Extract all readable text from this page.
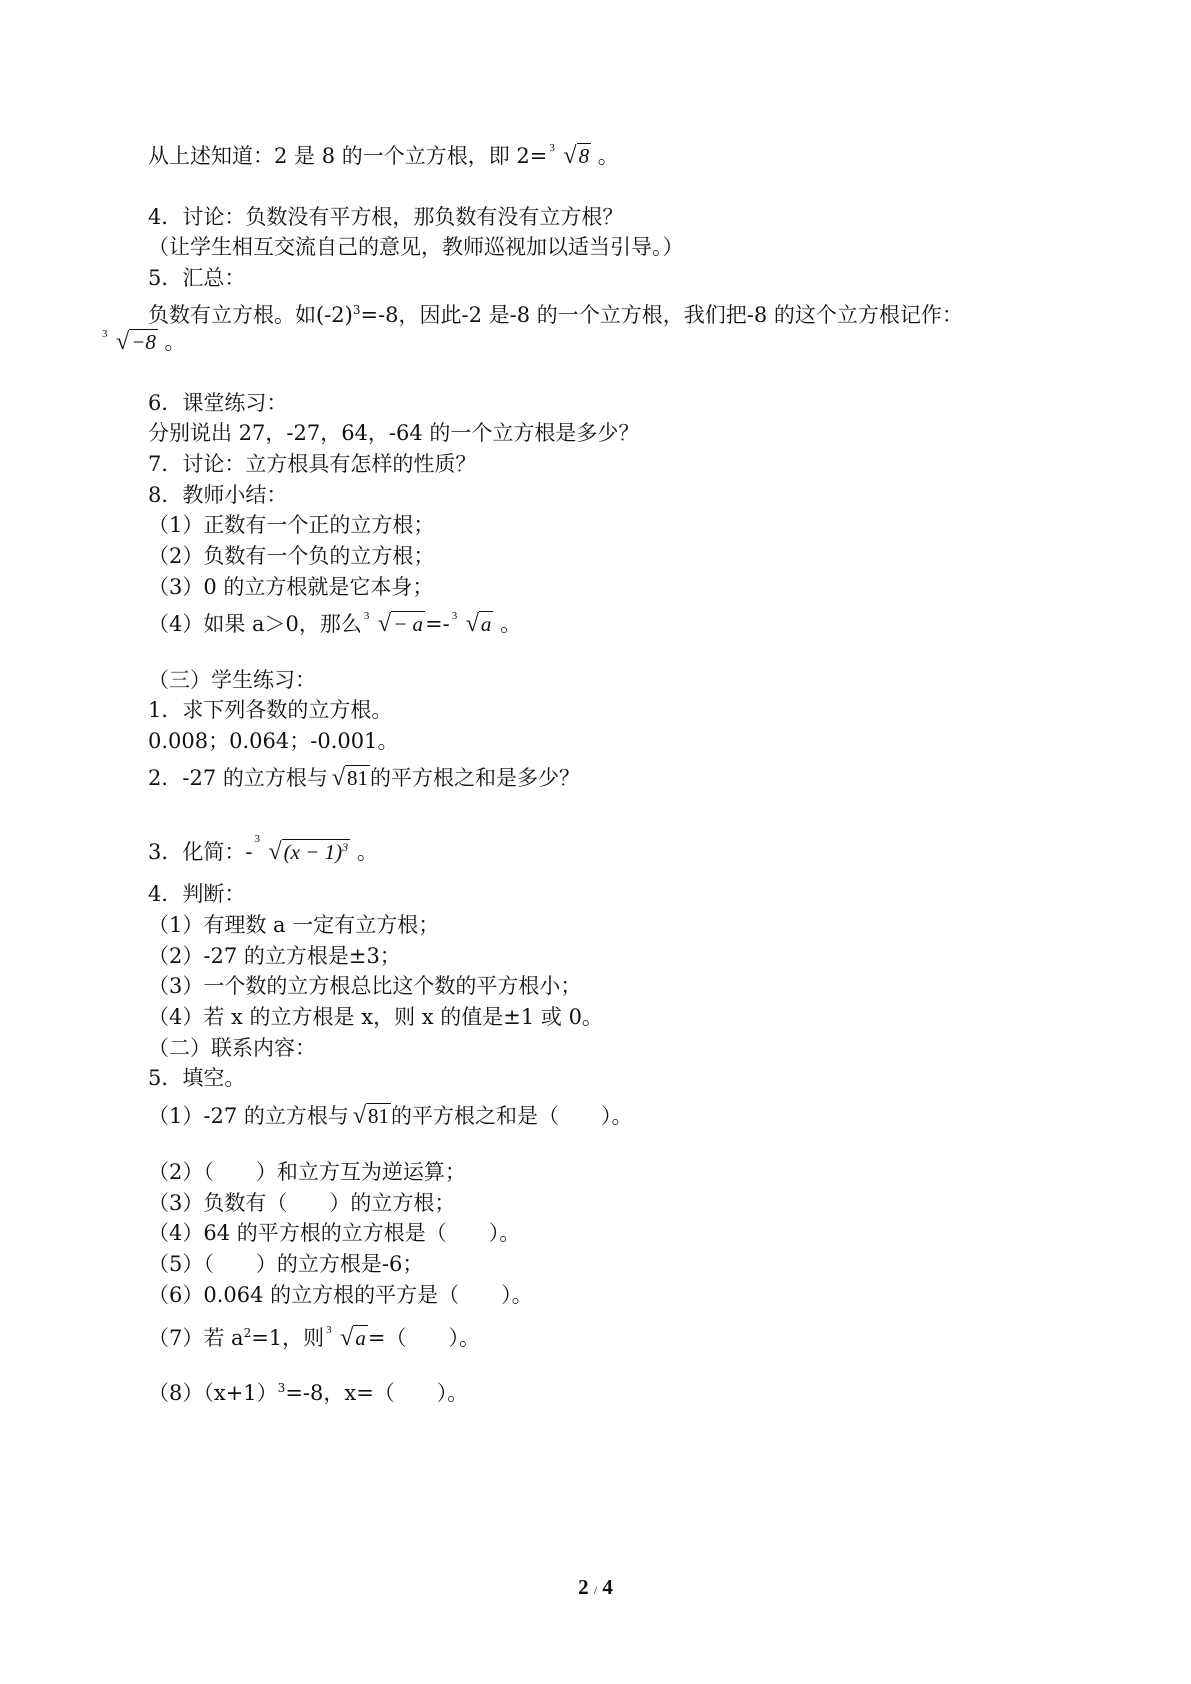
从上述知道：2 是 8 的一个立方根，即 2= 3 √8 。
4．讨论：负数没有平方根，那负数有没有立方根？
（让学生相互交流自己的意见，教师巡视加以适当引导。）
5．汇总：
负数有立方根。如$(-2)^3=-8$，因此-2 是-8 的一个立方根，我们把-8 的这个立方根记作：
3 √−8 。
6．课堂练习：
分别说出 27，-27，64，-64 的一个立方根是多少？
7．讨论：立方根具有怎样的性质？
8．教师小结：
（1）正数有一个正的立方根；
（2）负数有一个负的立方根；
（3）0 的立方根就是它本身；
（4）如果 a＞0，那么 3 √− a=- 3 √a 。
（三）学生练习：
1．求下列各数的立方根。
0.008；0.064；-0.001。
2．-27 的立方根与 √81的平方根之和是多少？
3．化简：-
3 $√(x - 1)^3$ 。
4．判断：
（1）有理数 a 一定有立方根；
（2）-27 的立方根是±3；
（3）一个数的立方根总比这个数的平方根小；
（4）若 x 的立方根是 x，则 x 的值是±1 或 0。
（二）联系内容：
5．填空。
（1）-27 的立方根与 √81的平方根之和是（　　）。
（2）（　　）和立方互为逆运算；
（3）负数有（　　）的立方根；
（4）64 的平方根的立方根是（　　）。
（5）（　　）的立方根是-6；
（6）0.064 的立方根的平方是（　　）。
（7）若 $a^2=1$，则 3 √a=（　　）。
$(8)(x+1)^3=-8$，x=（　　）。
2 / 4
